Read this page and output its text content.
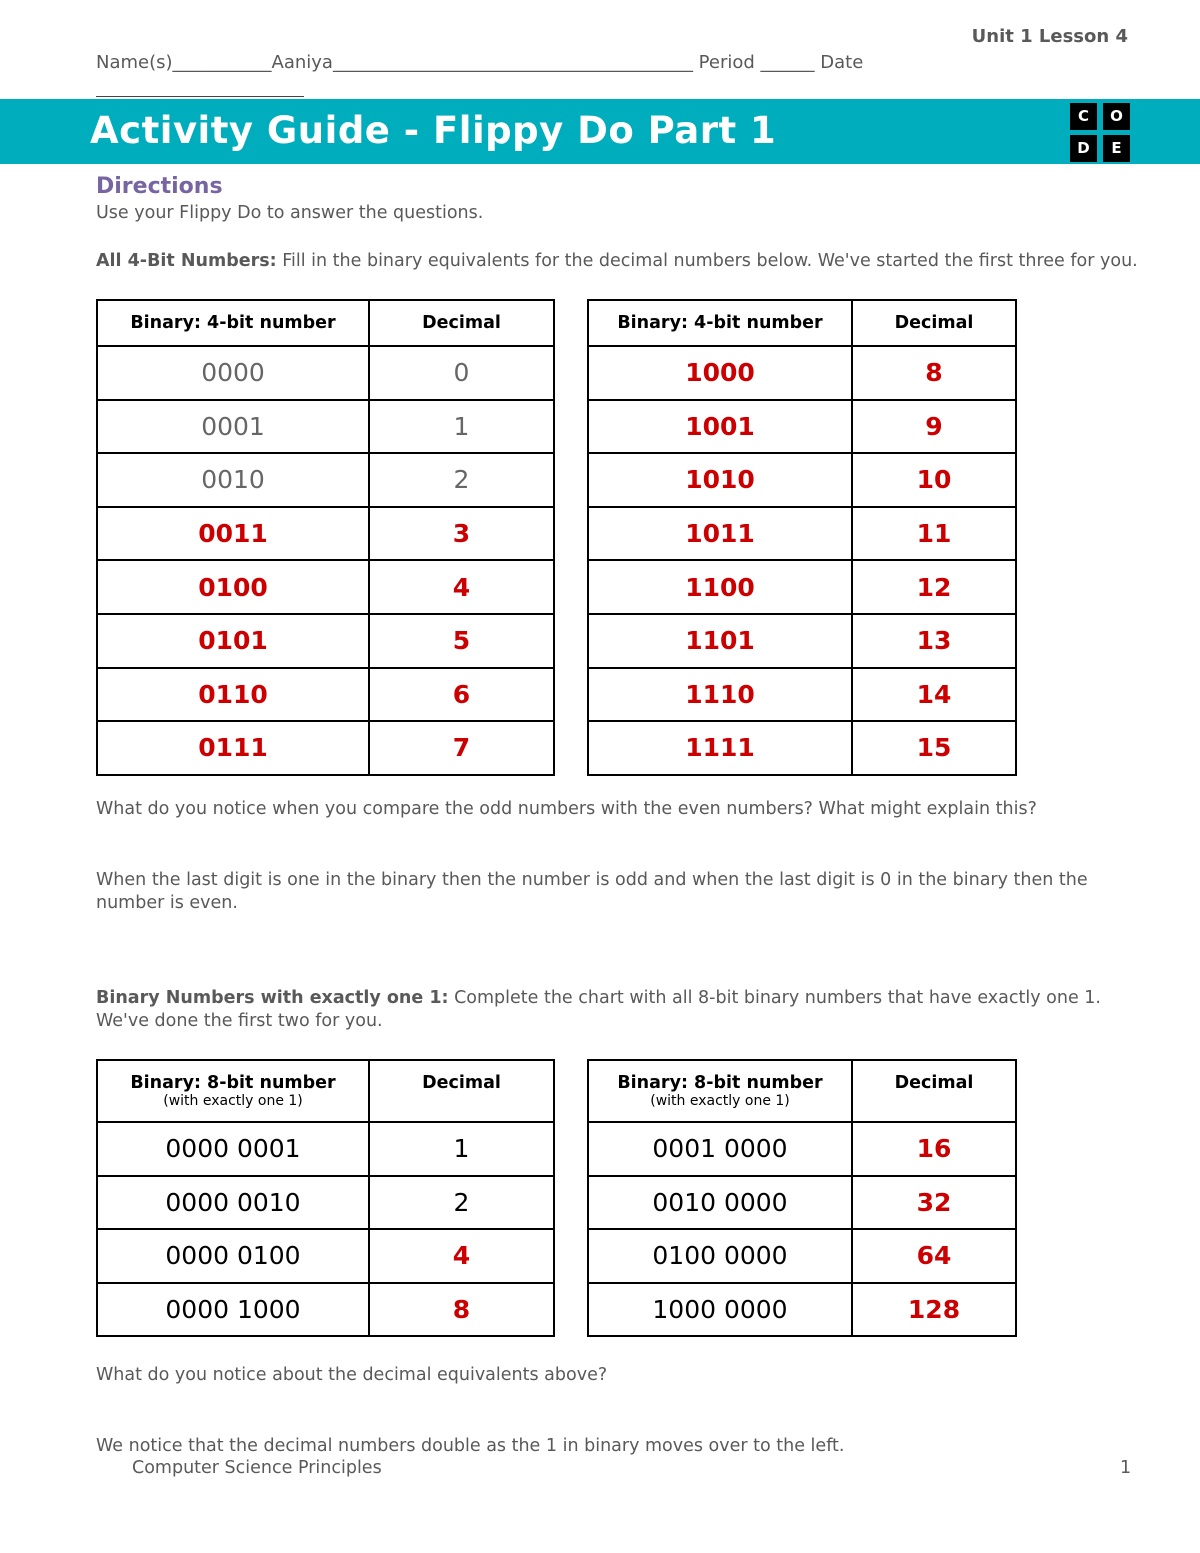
Unit 1 Lesson 4
Name(s)___________Aaniya________________________________________ Period ______ Date
Activity Guide - Flippy Do Part 1	C	O
D	E
Directions
Use your Flippy Do to answer the questions.
All 4-Bit Numbers: Fill in the binary equivalents for the decimal numbers below. We've started the first three for you.
Binary: 4-bit number	Decimal
0000	0
0001	1
0010	2
0011	3
0100	4
0101	5
0110	6
0111	7
Binary: 4-bit number	Decimal
1000	8
1001	9
1010	10
1011	11
1100	12
1101	13
1110	14
1111	15
What do you notice when you compare the odd numbers with the even numbers? What might explain this?
When the last digit is one in the binary then the number is odd and when the last digit is 0 in the binary then the
number is even.
Binary Numbers with exactly one 1: Complete the chart with all 8-bit binary numbers that have exactly one 1.
We've done the first two for you.
Binary: 8-bit number
(with exactly one 1)	Decimal
0000 0001	1
0000 0010	2
0000 0100	4
0000 1000	8
Binary: 8-bit number
(with exactly one 1)	Decimal
0001 0000	16
0010 0000	32
0100 0000	64
1000 0000	128
What do you notice about the decimal equivalents above?
We notice that the decimal numbers double as the 1 in binary moves over to the left.
Computer Science Principles	1
